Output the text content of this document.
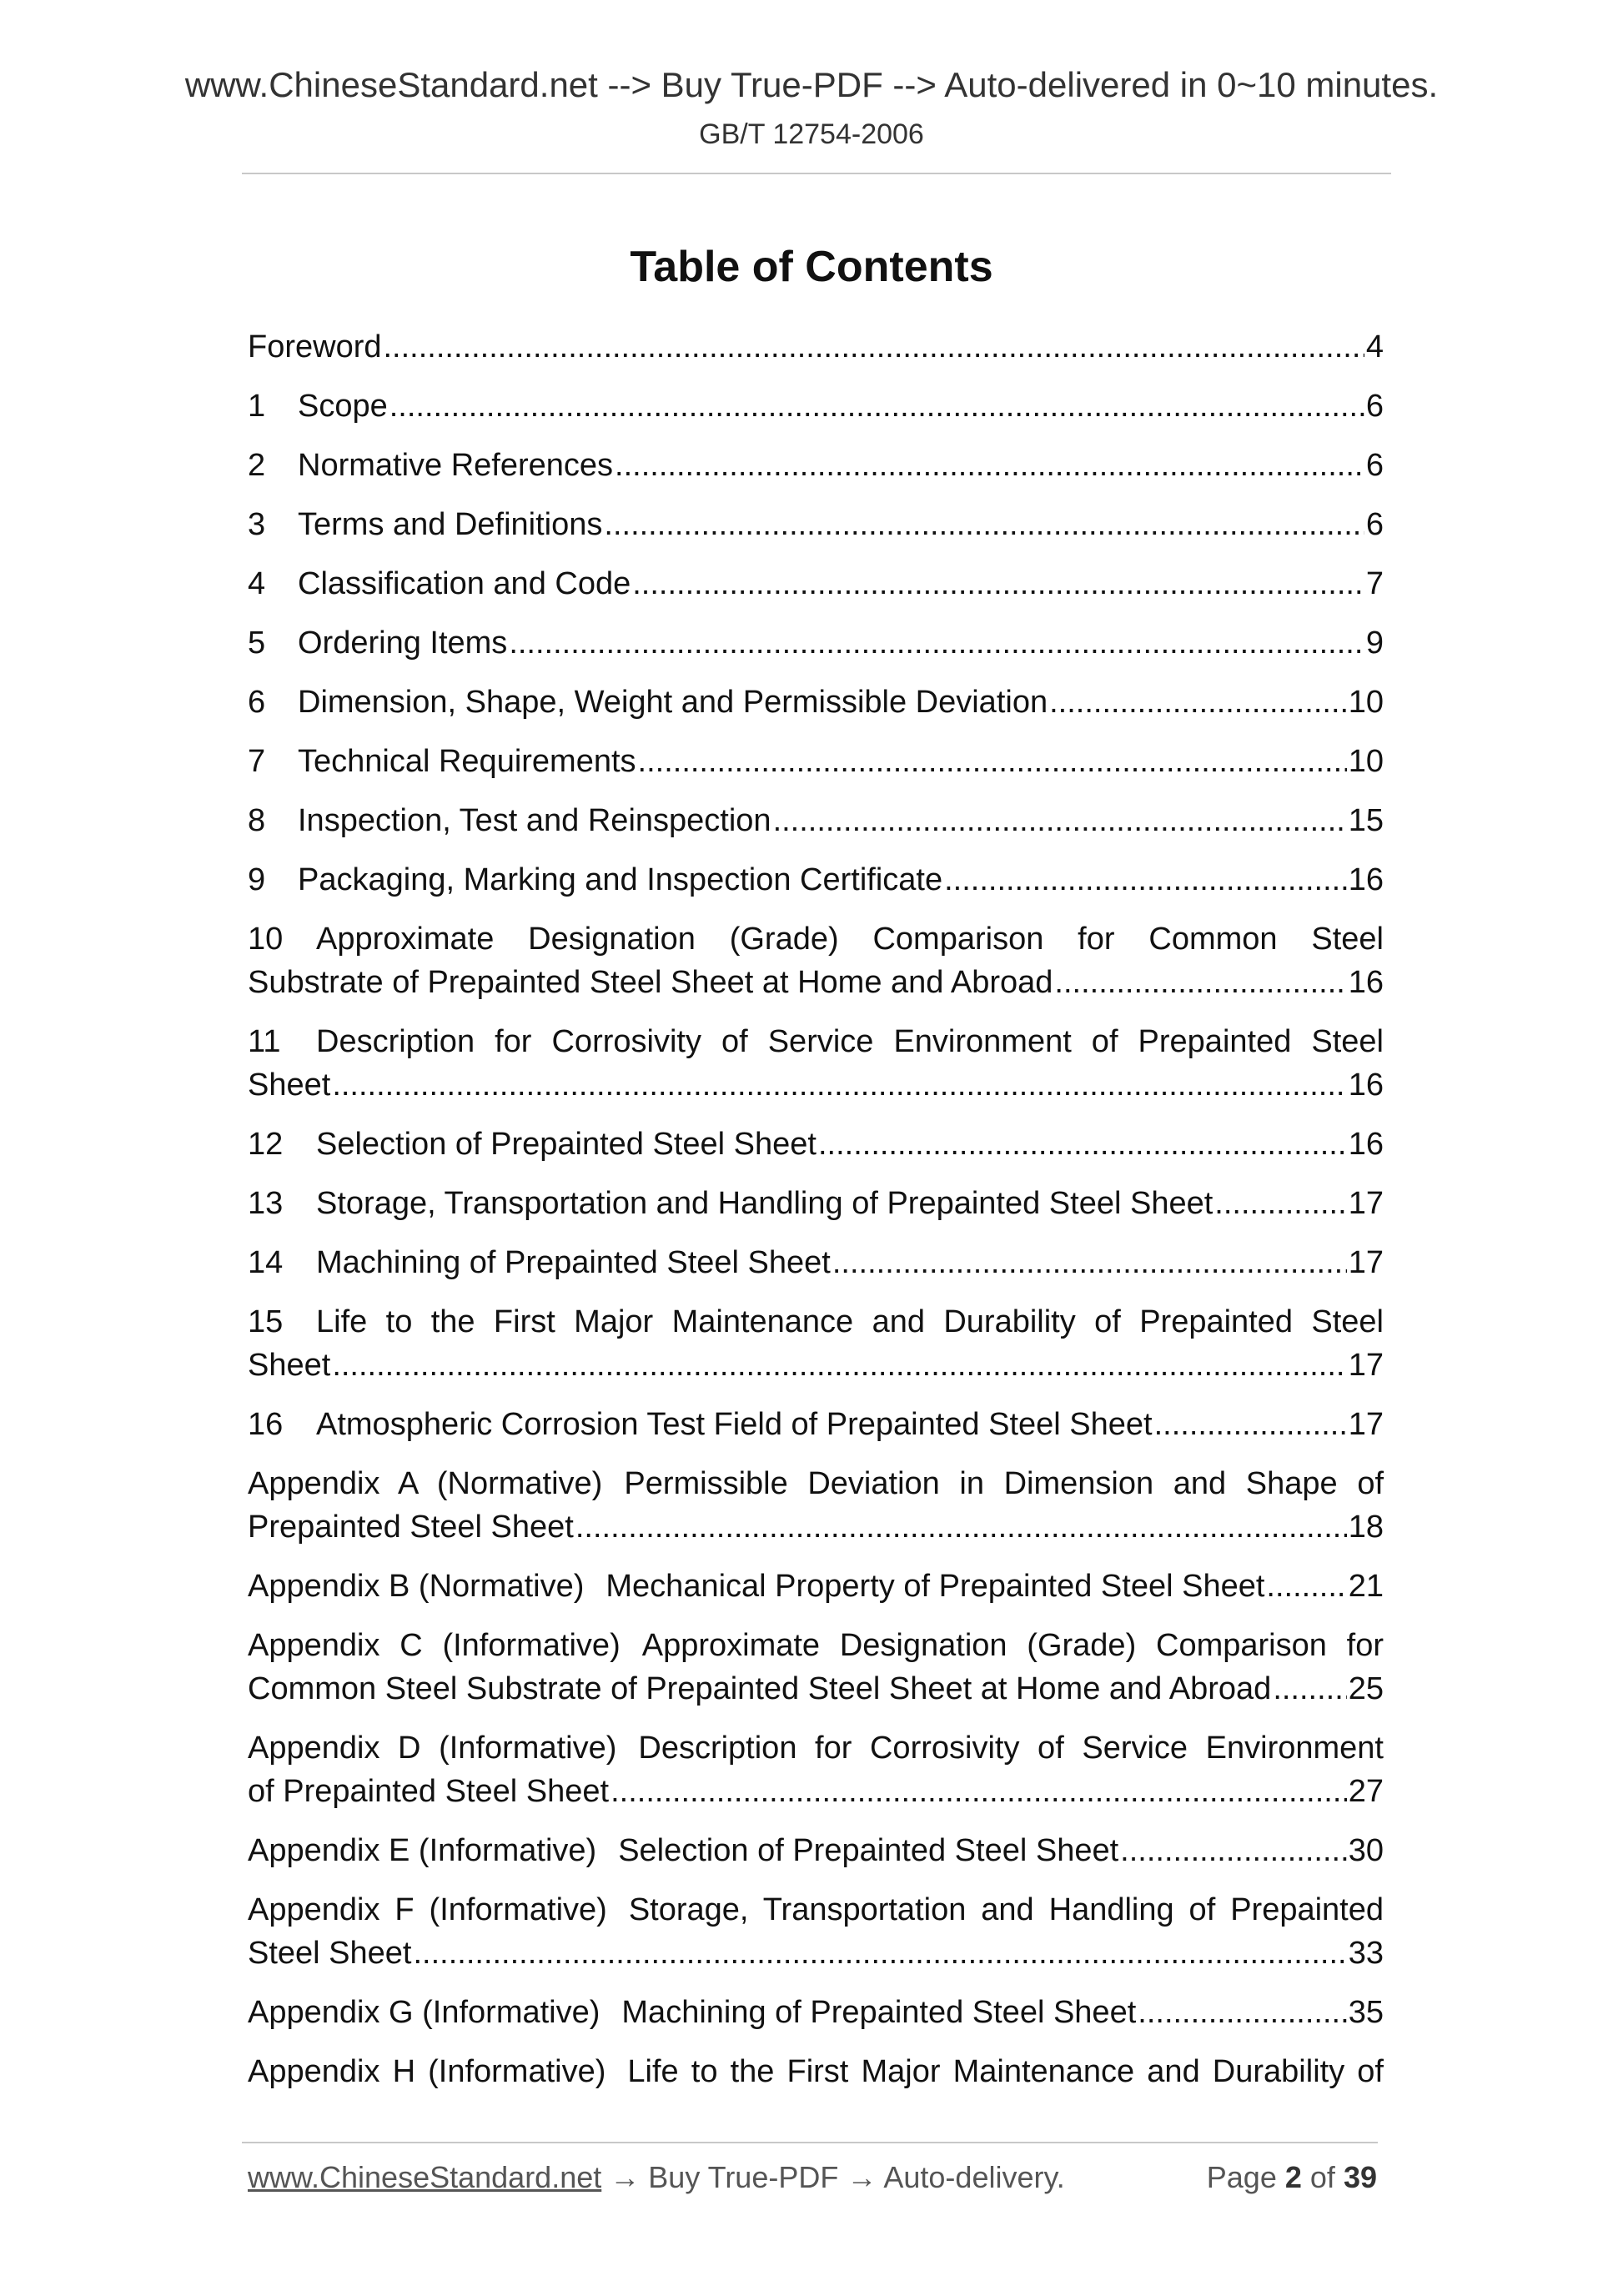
www.ChineseStandard.net --> Buy True-PDF --> Auto-delivered in 0~10 minutes.
GB/T 12754-2006
Table of Contents
Foreword .....	4
1 Scope .....	6
2 Normative References .....	6
3 Terms and Definitions .....	6
4 Classification and Code .....	7
5 Ordering Items .....	9
6 Dimension, Shape, Weight and Permissible Deviation .....	10
7 Technical Requirements .....	10
8 Inspection, Test and Reinspection .....	15
9 Packaging, Marking and Inspection Certificate .....	16
10 Approximate Designation (Grade) Comparison for Common Steel
Substrate of Prepainted Steel Sheet at Home and Abroad .....	16
11 Description for Corrosivity of Service Environment of Prepainted Steel
Sheet .....	16
12 Selection of Prepainted Steel Sheet .....	16
13 Storage, Transportation and Handling of Prepainted Steel Sheet .....	17
14 Machining of Prepainted Steel Sheet .....	17
15 Life to the First Major Maintenance and Durability of Prepainted Steel
Sheet .....	17
16 Atmospheric Corrosion Test Field of Prepainted Steel Sheet .....	17
Appendix A (Normative) Permissible Deviation in Dimension and Shape of
Prepainted Steel Sheet .....	18
Appendix B (Normative) Mechanical Property of Prepainted Steel Sheet .....	21
Appendix C (Informative) Approximate Designation (Grade) Comparison for
Common Steel Substrate of Prepainted Steel Sheet at Home and Abroad ..... 25
Appendix D (Informative) Description for Corrosivity of Service Environment
of Prepainted Steel Sheet .....	27
Appendix E (Informative) Selection of Prepainted Steel Sheet .....	30
Appendix F (Informative) Storage, Transportation and Handling of Prepainted
Steel Sheet .....	33
Appendix G (Informative) Machining of Prepainted Steel Sheet .....	35
Appendix H (Informative) Life to the First Major Maintenance and Durability of
www.ChineseStandard.net → Buy True-PDF → Auto-delivery.	Page 2 of 39
